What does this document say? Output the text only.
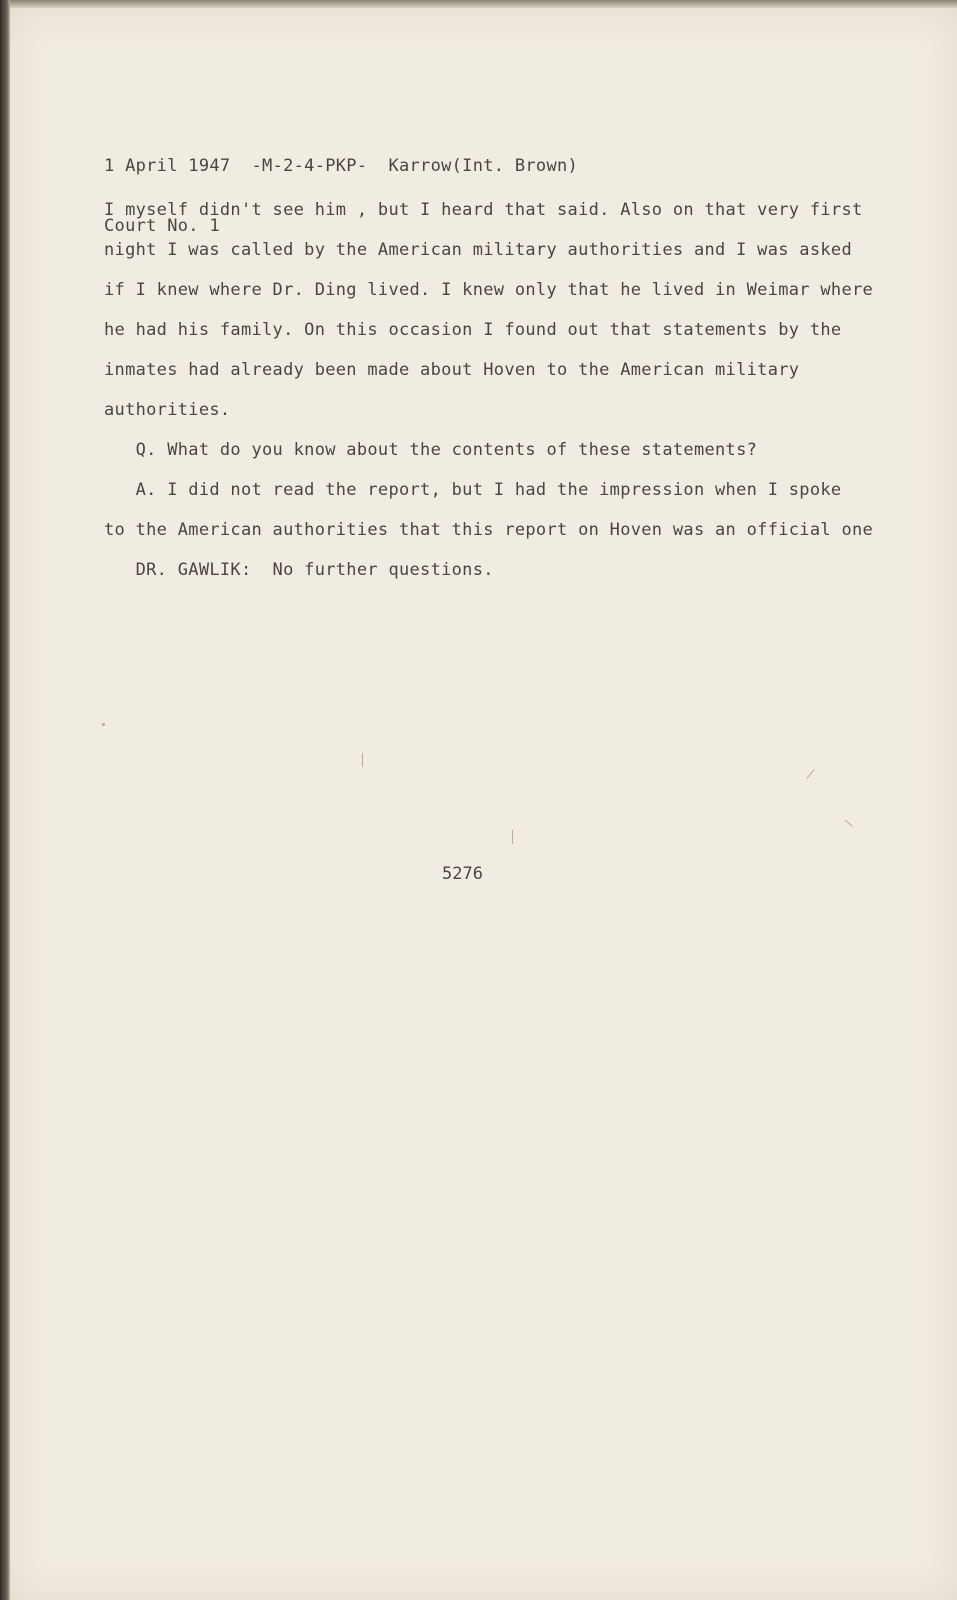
1 April 1947  -M-2-4-PKP-  Karrow(Int. Brown)

Court No. 1

I myself didn't see him , but I heard that said. Also on that very first

night I was called by the American military authorities and I was asked

if I knew where Dr. Ding lived. I knew only that he lived in Weimar where

he had his family. On this occasion I found out that statements by the

inmates had already been made about Hoven to the American military

authorities.

Q. What do you know about the contents of these statements?

A. I did not read the report, but I had the impression when I spoke

to the American authorities that this report on Hoven was an official one

DR. GAWLIK:  No further questions.

5276
